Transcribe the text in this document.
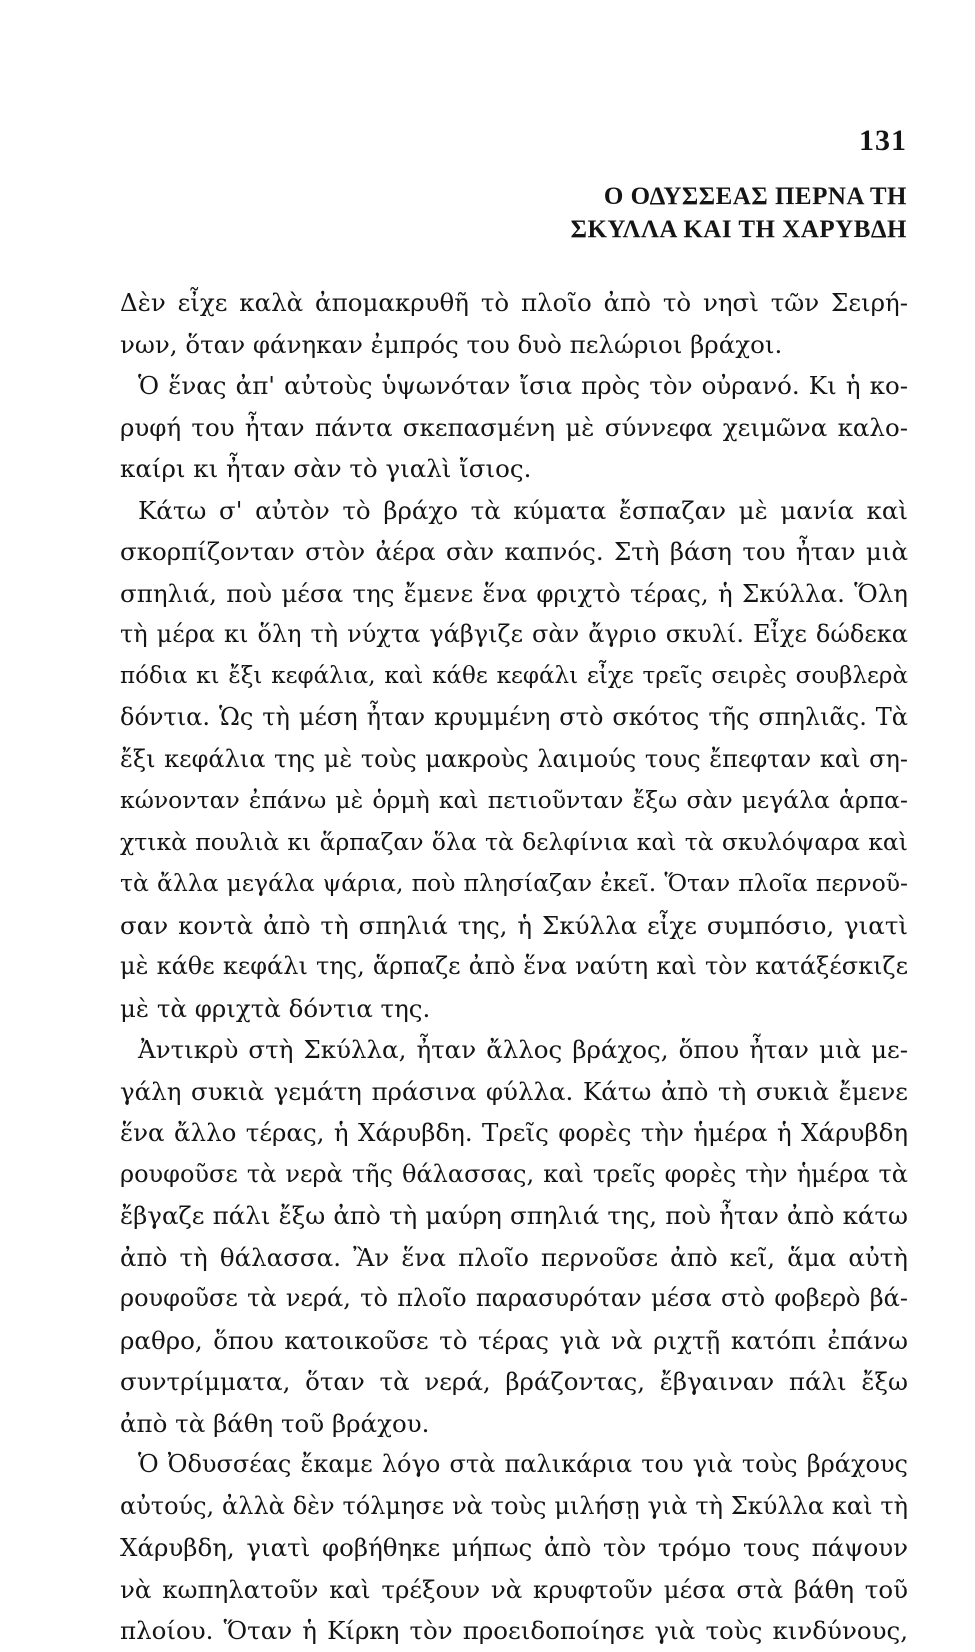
131
Ο ΟΔΥΣΣΕΑΣ ΠΕΡΝΑ ΤΗ
ΣΚΥΛΛΑ ΚΑΙ ΤΗ ΧΑΡΥΒΔΗ
Δὲν εἶχε καλὰ ἀπομακρυθῆ τὸ πλοῖο ἀπὸ τὸ νησὶ τῶν Σειρή-
νων, ὅταν φάνηκαν ἐμπρός του δυὸ πελώριοι βράχοι.
Ὁ ἕνας ἀπ' αὐτοὺς ὑψωνόταν ἴσια πρὸς τὸν οὐρανό. Κι ἡ κο-
ρυφή του ἦταν πάντα σκεπασμένη μὲ σύννεφα χειμῶνα καλο-
καίρι κι ἦταν σὰν τὸ γιαλὶ ἴσιος.
Κάτω σ' αὐτὸν τὸ βράχο τὰ κύματα ἔσπαζαν μὲ μανία καὶ
σκορπίζονταν στὸν ἀέρα σὰν καπνός. Στὴ βάση του ἦταν μιὰ
σπηλιά, ποὺ μέσα της ἔμενε ἕνα φριχτὸ τέρας, ἡ Σκύλλα. Ὅλη
τὴ μέρα κι ὅλη τὴ νύχτα γάβγιζε σὰν ἄγριο σκυλί. Εἶχε δώδεκα
πόδια κι ἔξι κεφάλια, καὶ κάθε κεφάλι εἶχε τρεῖς σειρὲς σουβλερὰ
δόντια. Ὡς τὴ μέση ἦταν κρυμμένη στὸ σκότος τῆς σπηλιᾶς. Τὰ
ἔξι κεφάλια της μὲ τοὺς μακροὺς λαιμούς τους ἔπεφταν καὶ ση-
κώνονταν ἐπάνω μὲ ὁρμὴ καὶ πετιοῦνταν ἔξω σὰν μεγάλα ἁρπα-
χτικὰ πουλιὰ κι ἅρπαζαν ὅλα τὰ δελφίνια καὶ τὰ σκυλόψαρα καὶ
τὰ ἄλλα μεγάλα ψάρια, ποὺ πλησίαζαν ἐκεῖ. Ὅταν πλοῖα περνοῦ-
σαν κοντὰ ἀπὸ τὴ σπηλιά της, ἡ Σκύλλα εἶχε συμπόσιο, γιατὶ
μὲ κάθε κεφάλι της, ἅρπαζε ἀπὸ ἕνα ναύτη καὶ τὸν κατάξέσκιζε
μὲ τὰ φριχτὰ δόντια της.
Ἀντικρὺ στὴ Σκύλλα, ἦταν ἄλλος βράχος, ὅπου ἦταν μιὰ με-
γάλη συκιὰ γεμάτη πράσινα φύλλα. Κάτω ἀπὸ τὴ συκιὰ ἔμενε
ἕνα ἄλλο τέρας, ἡ Χάρυβδη. Τρεῖς φορὲς τὴν ἡμέρα ἡ Χάρυβδη
ρουφοῦσε τὰ νερὰ τῆς θάλασσας, καὶ τρεῖς φορὲς τὴν ἡμέρα τὰ
ἔβγαζε πάλι ἔξω ἀπὸ τὴ μαύρη σπηλιά της, ποὺ ἦταν ἀπὸ κάτω
ἀπὸ τὴ θάλασσα. Ἂν ἕνα πλοῖο περνοῦσε ἀπὸ κεῖ, ἅμα αὐτὴ
ρουφοῦσε τὰ νερά, τὸ πλοῖο παρασυρόταν μέσα στὸ φοβερὸ βά-
ραθρο, ὅπου κατοικοῦσε τὸ τέρας γιὰ νὰ ριχτῇ κατόπι ἐπάνω
συντρίμματα, ὅταν τὰ νερά, βράζοντας, ἔβγαιναν πάλι ἔξω
ἀπὸ τὰ βάθη τοῦ βράχου.
Ὁ Ὀδυσσέας ἔκαμε λόγο στὰ παλικάρια του γιὰ τοὺς βράχους
αὐτούς, ἀλλὰ δὲν τόλμησε νὰ τοὺς μιλήσῃ γιὰ τὴ Σκύλλα καὶ τὴ
Χάρυβδη, γιατὶ φοβήθηκε μήπως ἀπὸ τὸν τρόμο τους πάψουν
νὰ κωπηλατοῦν καὶ τρέξουν νὰ κρυφτοῦν μέσα στὰ βάθη τοῦ
πλοίου. Ὅταν ἡ Κίρκη τὸν προειδοποίησε γιὰ τοὺς κινδύνους,
